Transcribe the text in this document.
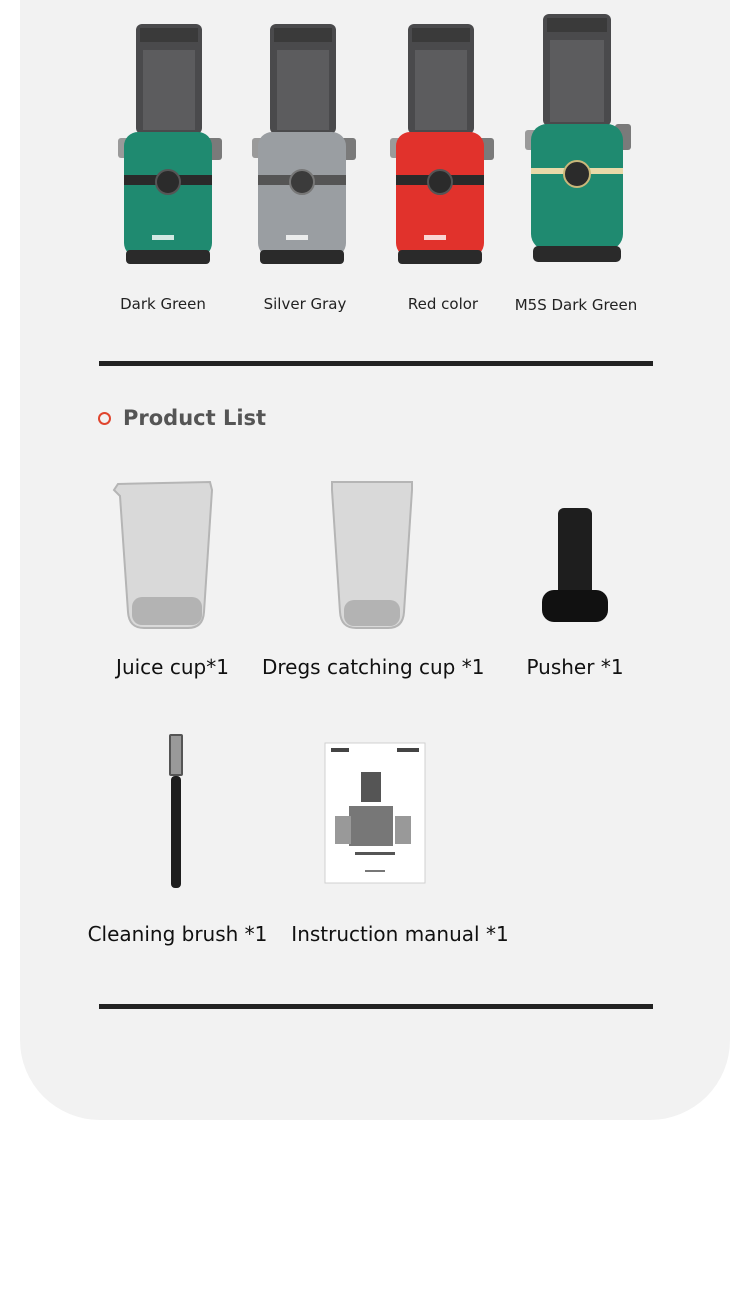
Dark Green	Silver Gray	Red color	M5S Dark Green
Product List
Juice cup*1	Dregs catching cup *1	Pusher *1
Cleaning brush *1	Instruction manual *1
